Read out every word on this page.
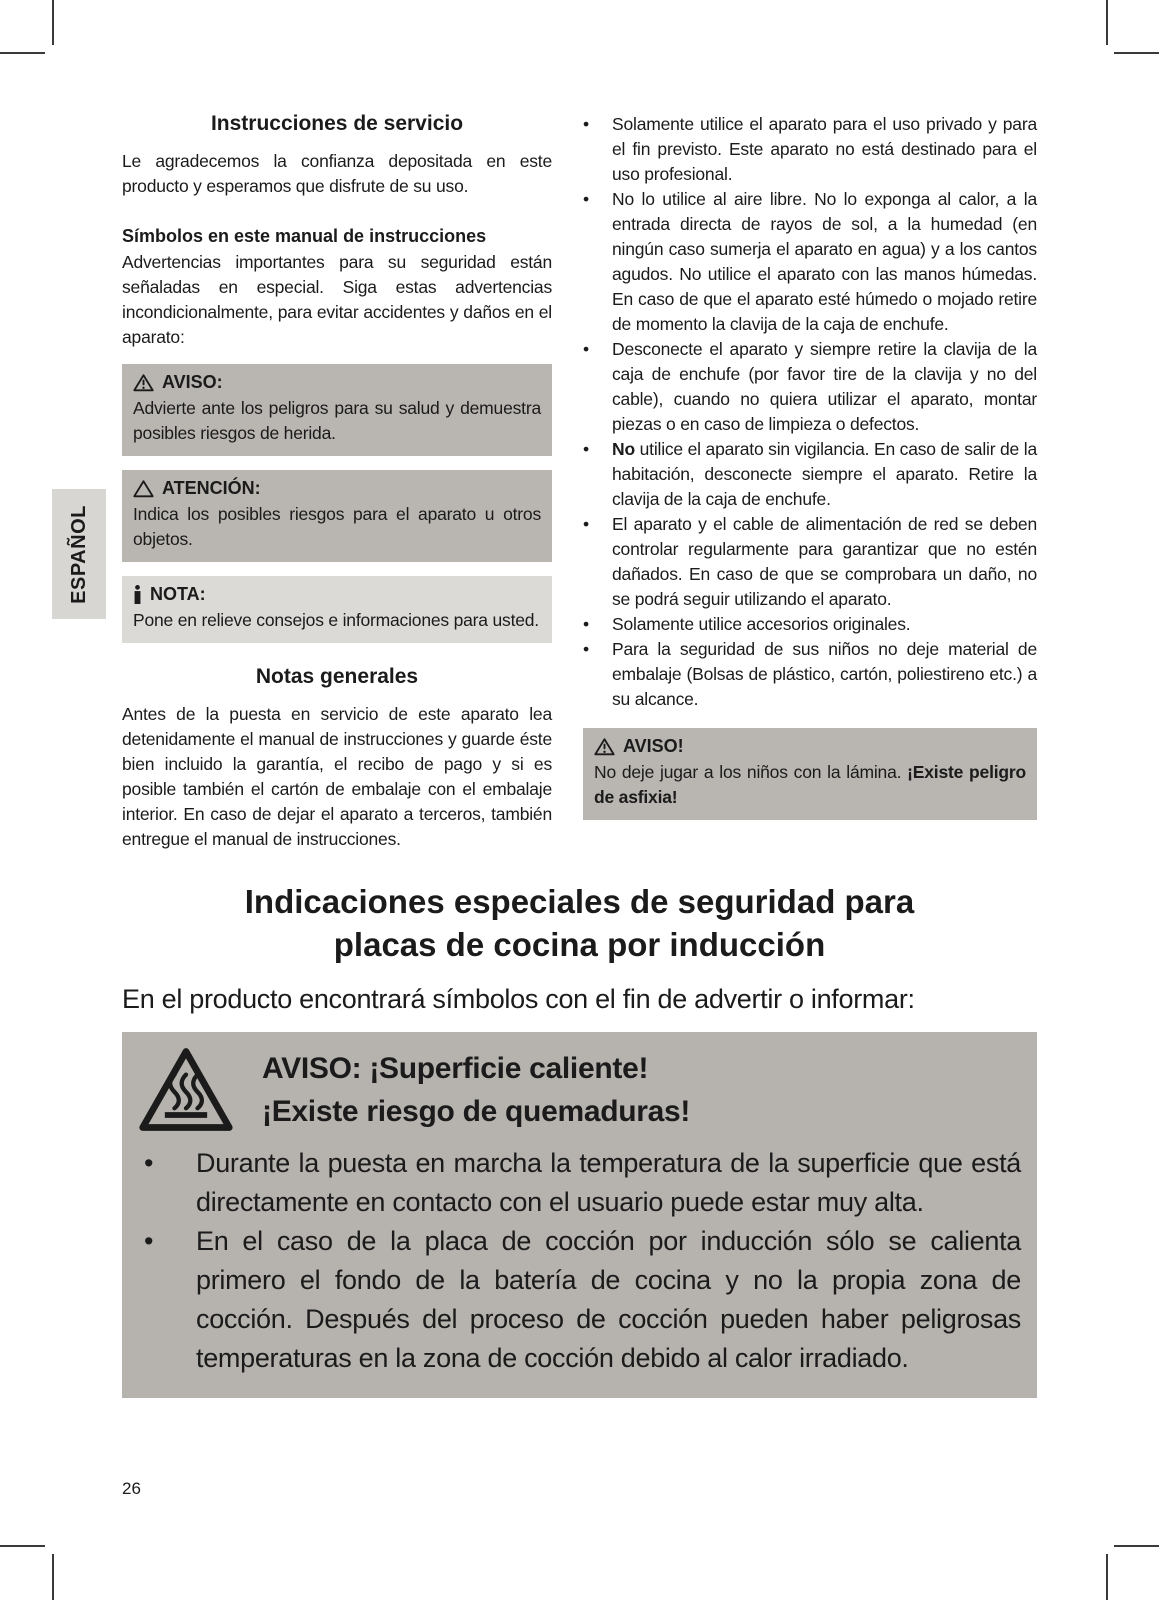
ESPAÑOL
Instrucciones de servicio

Le agradecemos la confianza depositada en este producto y esperamos que disfrute de su uso.

Símbolos en este manual de instrucciones

Advertencias importantes para su seguridad están señaladas en especial. Siga estas advertencias incondicionalmente, para evitar accidentes y daños en el aparato:

AVISO:

Advierte ante los peligros para su salud y demuestra posibles riesgos de herida.

ATENCIÓN:

Indica los posibles riesgos para el aparato u otros objetos.

NOTA:

Pone en relieve consejos e informaciones para usted.

Notas generales

Antes de la puesta en servicio de este aparato lea detenidamente el manual de instrucciones y guarde éste bien incluido la garantía, el recibo de pago y si es posible también el cartón de embalaje con el embalaje interior. En caso de dejar el aparato a terceros, también entregue el manual de instrucciones.

•	Solamente utilice el aparato para el uso privado y para el fin previsto. Este aparato no está destinado para el uso profesional.

•	No lo utilice al aire libre. No lo exponga al calor, a la entrada directa de rayos de sol, a la humedad (en ningún caso sumerja el aparato en agua) y a los cantos agudos. No utilice el aparato con las manos húmedas. En caso de que el aparato esté húmedo o mojado retire de momento la clavija de la caja de enchufe.

•	Desconecte el aparato y siempre retire la clavija de la caja de enchufe (por favor tire de la clavija y no del cable), cuando no quiera utilizar el aparato, montar piezas o en caso de limpieza o defectos.

•	No utilice el aparato sin vigilancia. En caso de salir de la habitación, desconecte siempre el aparato. Retire la clavija de la caja de enchufe.

•	El aparato y el cable de alimentación de red se deben controlar regularmente para garantizar que no estén dañados. En caso de que se comprobara un daño, no se podrá seguir utilizando el aparato.

•	Solamente utilice accesorios originales.

•	Para la seguridad de sus niños no deje material de embalaje (Bolsas de plástico, cartón, poliestireno etc.) a su alcance.

AVISO!

No deje jugar a los niños con la lámina. ¡Existe peligro de asfixia!

Indicaciones especiales de seguridad para
placas de cocina por inducción

En el producto encontrará símbolos con el fin de advertir o informar:

AVISO: ¡Superficie caliente!
¡Existe riesgo de quemaduras!
•	Durante la puesta en marcha la temperatura de la superficie que está directamente en contacto con el usuario puede estar muy alta.

•	En el caso de la placa de cocción por inducción sólo se calienta primero el fondo de la batería de cocina y no la propia zona de cocción. Después del proceso de cocción pueden haber peligrosas temperaturas en la zona de cocción debido al calor irradiado.

26
